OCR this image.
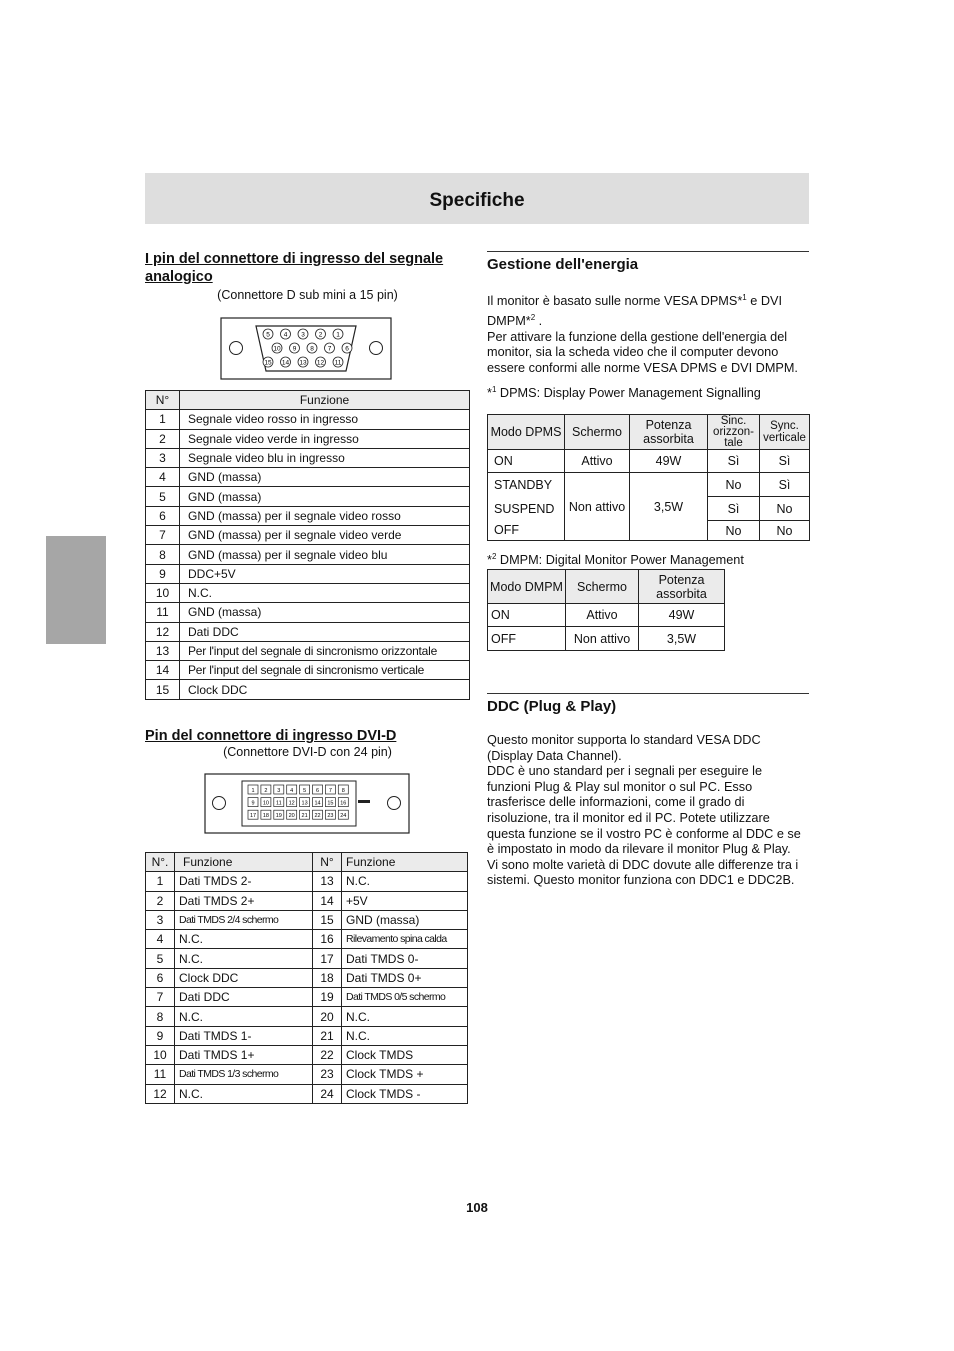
Specifiche

I pin del connettore di ingresso del segnale analogico

(Connettore D sub mini a 15 pin)
5 4 3 2 1
10 9 8 7 6
15 14 13 12 11
N°	Funzione
1	Segnale video rosso in ingresso
2	Segnale video verde in ingresso
3	Segnale video blu in ingresso
4	GND (massa)
5	GND (massa)
6	GND (massa) per il segnale video rosso
7	GND (massa) per il segnale video verde
8	GND (massa) per il segnale video blu
9	DDC+5V
10	N.C.
11	GND (massa)
12	Dati DDC
13	Per l'input del segnale di sincronismo orizzontale
14	Per l'input del segnale di sincronismo verticale
15	Clock DDC

Pin del connettore di ingresso DVI-D

(Connettore DVI-D con 24 pin)
1 2 3 4 5 6 7 8
9 10 11 12 13 14 15 16
17 18 19 20 21 22 23 24
N°.	Funzione	N°	Funzione
1	Dati TMDS 2-	13	N.C.
2	Dati TMDS 2+	14	+5V
3	Dati TMDS 2/4 schermo	15	GND (massa)
4	N.C.	16	Rilevamento spina calda
5	N.C.	17	Dati TMDS 0-
6	Clock DDC	18	Dati TMDS 0+
7	Dati DDC	19	Dati TMDS 0/5 schermo
8	N.C.	20	N.C.
9	Dati TMDS 1-	21	N.C.
10	Dati TMDS 1+	22	Clock TMDS
11	Dati TMDS 1/3 schermo	23	Clock TMDS +
12	N.C.	24	Clock TMDS -

Gestione dell'energia

Il monitor è basato sulle norme VESA DPMS*$^1$ e DVI DMPM*$^2$ .

Per attivare la funzione della gestione dell'energia del monitor, sia la scheda video che il computer devono essere conformi alle norme VESA DPMS e DVI DMPM.

*$^1$ DPMS: Display Power Management Signalling

Modo DPMS	Schermo	Potenza assorbita	Sinc. orizzon-tale	Sync. verticale
ON	Attivo	49W	Sì	Sì
STANDBY	Non attivo	3,5W	No	Sì
SUSPEND			Sì	No
OFF			No	No

*$^2$ DMPM: Digital Monitor Power Management

Modo DMPM	Schermo	Potenza assorbita
ON	Attivo	49W
OFF	Non attivo	3,5W

DDC (Plug & Play)

Questo monitor supporta lo standard VESA DDC (Display Data Channel).
DDC è uno standard per i segnali per eseguire le funzioni Plug & Play sul monitor o sul PC. Esso trasferisce delle informazioni, come il grado di risoluzione, tra il monitor ed il PC. Potete utilizzare questa funzione se il vostro PC è conforme al DDC e se è impostato in modo da rilevare il monitor Plug & Play.
Vi sono molte varietà di DDC dovute alle differenze tra i sistemi. Questo monitor funziona con DDC1 e DDC2B.

108
